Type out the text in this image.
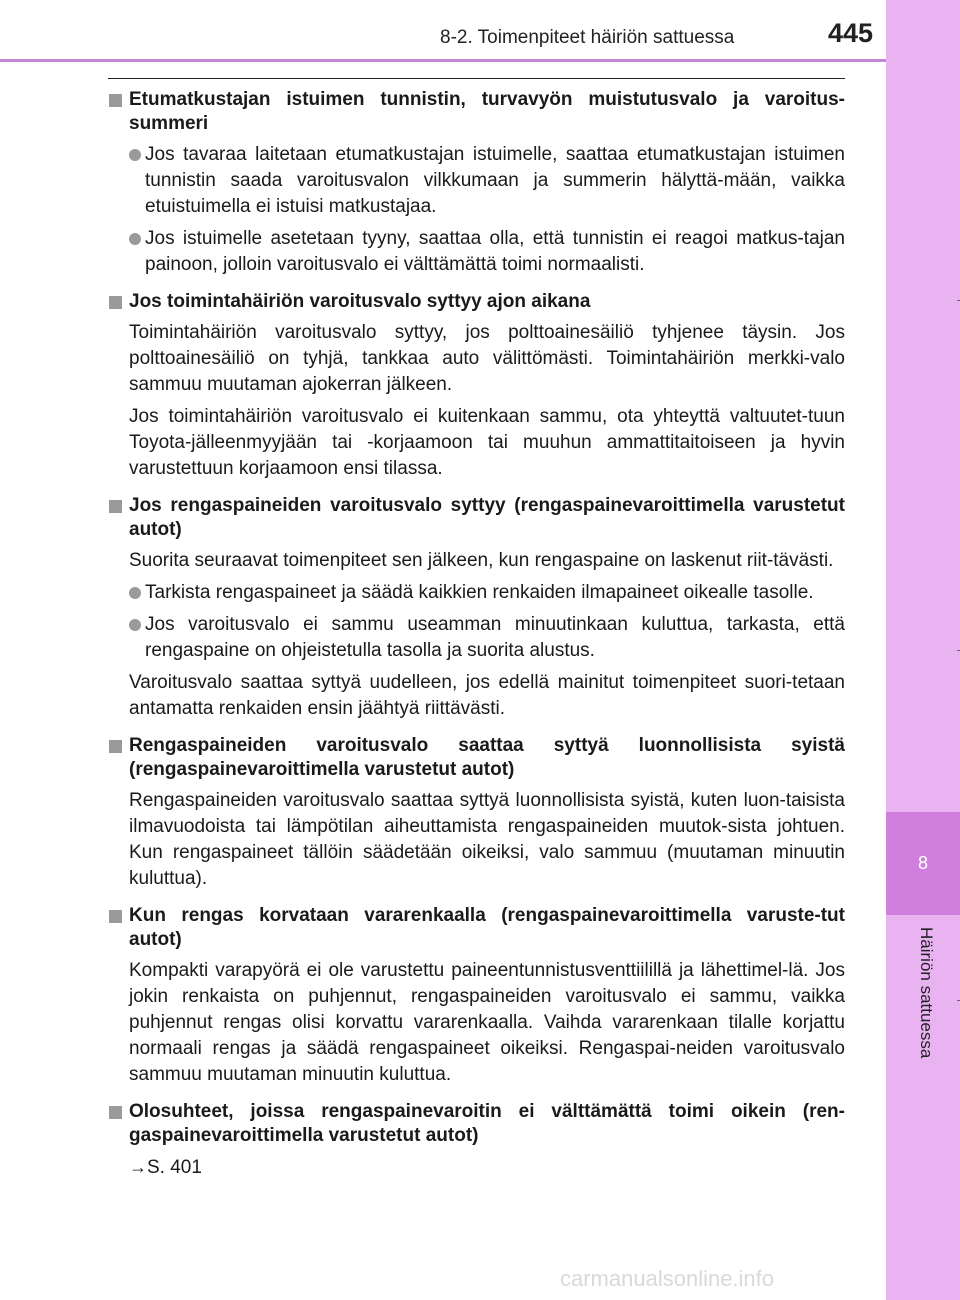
8-2. Toimenpiteet häiriön sattuessa	445
8
Häiriön sattuessa
Etumatkustajan istuimen tunnistin, turvavyön muistutusvalo ja varoitus-summeri
Jos tavaraa laitetaan etumatkustajan istuimelle, saattaa etumatkustajan istuimen tunnistin saada varoitusvalon vilkkumaan ja summerin hälyttä-mään, vaikka etuistuimella ei istuisi matkustajaa.
Jos istuimelle asetetaan tyyny, saattaa olla, että tunnistin ei reagoi matkus-tajan painoon, jolloin varoitusvalo ei välttämättä toimi normaalisti.
Jos toimintahäiriön varoitusvalo syttyy ajon aikana
Toimintahäiriön varoitusvalo syttyy, jos polttoainesäiliö tyhjenee täysin. Jos polttoainesäiliö on tyhjä, tankkaa auto välittömästi. Toimintahäiriön merkki-valo sammuu muutaman ajokerran jälkeen.
Jos toimintahäiriön varoitusvalo ei kuitenkaan sammu, ota yhteyttä valtuutet-tuun Toyota-jälleenmyyjään tai -korjaamoon tai muuhun ammattitaitoiseen ja hyvin varustettuun korjaamoon ensi tilassa.
Jos rengaspaineiden varoitusvalo syttyy (rengaspainevaroittimella varustetut autot)
Suorita seuraavat toimenpiteet sen jälkeen, kun rengaspaine on laskenut riit-tävästi.
Tarkista rengaspaineet ja säädä kaikkien renkaiden ilmapaineet oikealle tasolle.
Jos varoitusvalo ei sammu useamman minuutinkaan kuluttua, tarkasta, että rengaspaine on ohjeistetulla tasolla ja suorita alustus.
Varoitusvalo saattaa syttyä uudelleen, jos edellä mainitut toimenpiteet suori-tetaan antamatta renkaiden ensin jäähtyä riittävästi.
Rengaspaineiden varoitusvalo saattaa syttyä luonnollisista syistä (rengaspainevaroittimella varustetut autot)
Rengaspaineiden varoitusvalo saattaa syttyä luonnollisista syistä, kuten luon-taisista ilmavuodoista tai lämpötilan aiheuttamista rengaspaineiden muutok-sista johtuen. Kun rengaspaineet tällöin säädetään oikeiksi, valo sammuu (muutaman minuutin kuluttua).
Kun rengas korvataan vararenkaalla (rengaspainevaroittimella varuste-tut autot)
Kompakti varapyörä ei ole varustettu paineentunnistusventtiilillä ja lähettimel-lä. Jos jokin renkaista on puhjennut, rengaspaineiden varoitusvalo ei sammu, vaikka puhjennut rengas olisi korvattu vararenkaalla. Vaihda vararenkaan tilalle korjattu normaali rengas ja säädä rengaspaineet oikeiksi. Rengaspai-neiden varoitusvalo sammuu muutaman minuutin kuluttua.
Olosuhteet, joissa rengaspainevaroitin ei välttämättä toimi oikein (ren-gaspainevaroittimella varustetut autot)
→S. 401
carmanualsonline.info
